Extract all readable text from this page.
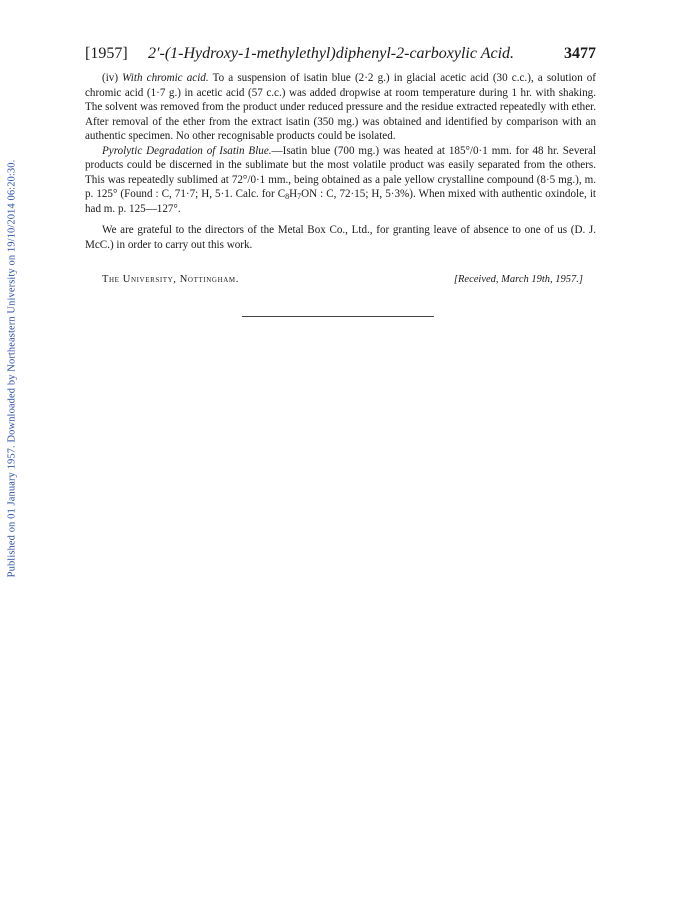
Published on 01 January 1957. Downloaded by Northeastern University on 19/10/2014 06:20:30.
[1957] 2′-(1-Hydroxy-1-methylethyl)diphenyl-2-carboxylic Acid.	3477

(iv) With chromic acid. To a suspension of isatin blue (2·2 g.) in glacial acetic acid (30 c.c.), a solution of chromic acid (1·7 g.) in acetic acid (57 c.c.) was added dropwise at room temperature during 1 hr. with shaking. The solvent was removed from the product under reduced pressure and the residue extracted repeatedly with ether. After removal of the ether from the extract isatin (350 mg.) was obtained and identified by comparison with an authentic specimen. No other recognisable products could be isolated.

Pyrolytic Degradation of Isatin Blue.—Isatin blue (700 mg.) was heated at 185°/0·1 mm. for 48 hr. Several products could be discerned in the sublimate but the most volatile product was easily separated from the others. This was repeatedly sublimed at 72°/0·1 mm., being obtained as a pale yellow crystalline compound (8·5 mg.), m. p. 125° (Found : C, 71·7; H, 5·1. Calc. for $C_8H_7ON$ : C, 72·15; H, 5·3%). When mixed with authentic oxindole, it had m. p. 125—127°.

We are grateful to the directors of the Metal Box Co., Ltd., for granting leave of absence to one of us (D. J. McC.) in order to carry out this work.

The University, Nottingham.	[Received, March 19th, 1957.]
